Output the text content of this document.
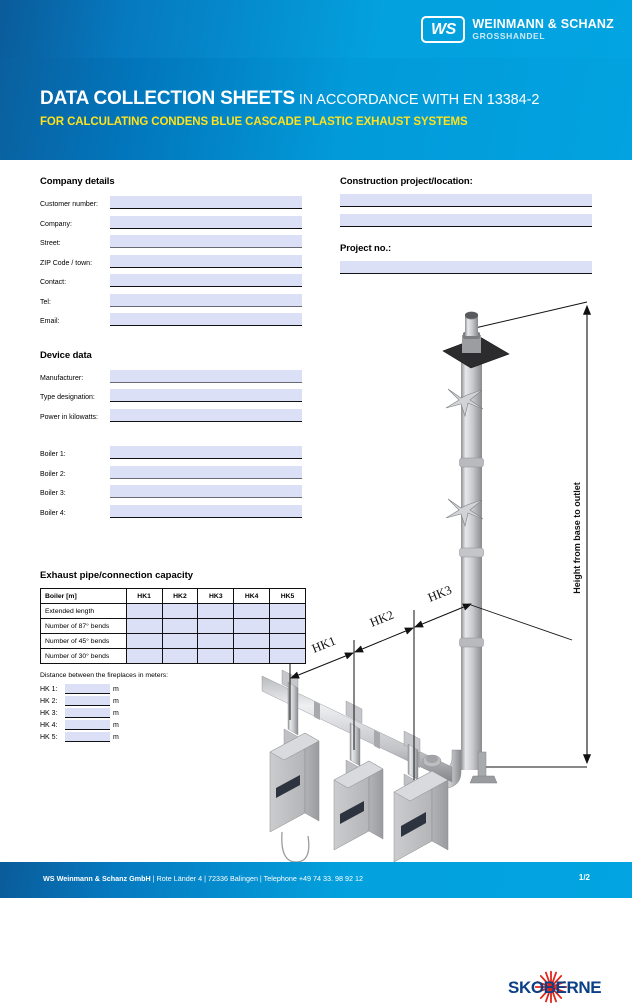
WS	WEINMANN & SCHANZ
GROSSHANDEL
DATA COLLECTION SHEETS IN ACCORDANCE WITH EN 13384-2
FOR CALCULATING CONDENS BLUE CASCADE PLASTIC EXHAUST SYSTEMS
Company details
Customer number:
Company:
Street:
ZIP Code / town:
Contact:
Tel:
Email:
Device data
Manufacturer:
Type designation:
Power in kilowatts:
Boiler 1:
Boiler 2:
Boiler 3:
Boiler 4:
Construction project/location:
Project no.:
Exhaust pipe/connection capacity
Boiler [m]	HK1	HK2	HK3	HK4	HK5
Extended length					
Number of 87° bends					
Number of 45° bends					
Number of 30° bends					
Distance between the fireplaces in meters:
HK 1:	m
HK 2:	m
HK 3:	m
HK 4:	m
HK 5:	m
Height from base to outlet
HK1
HK2
HK3
SKOBERNE
WS Weinmann & Schanz GmbH | Rote Länder 4 | 72336 Balingen | Telephone +49 74 33. 98 92 12	1/2
